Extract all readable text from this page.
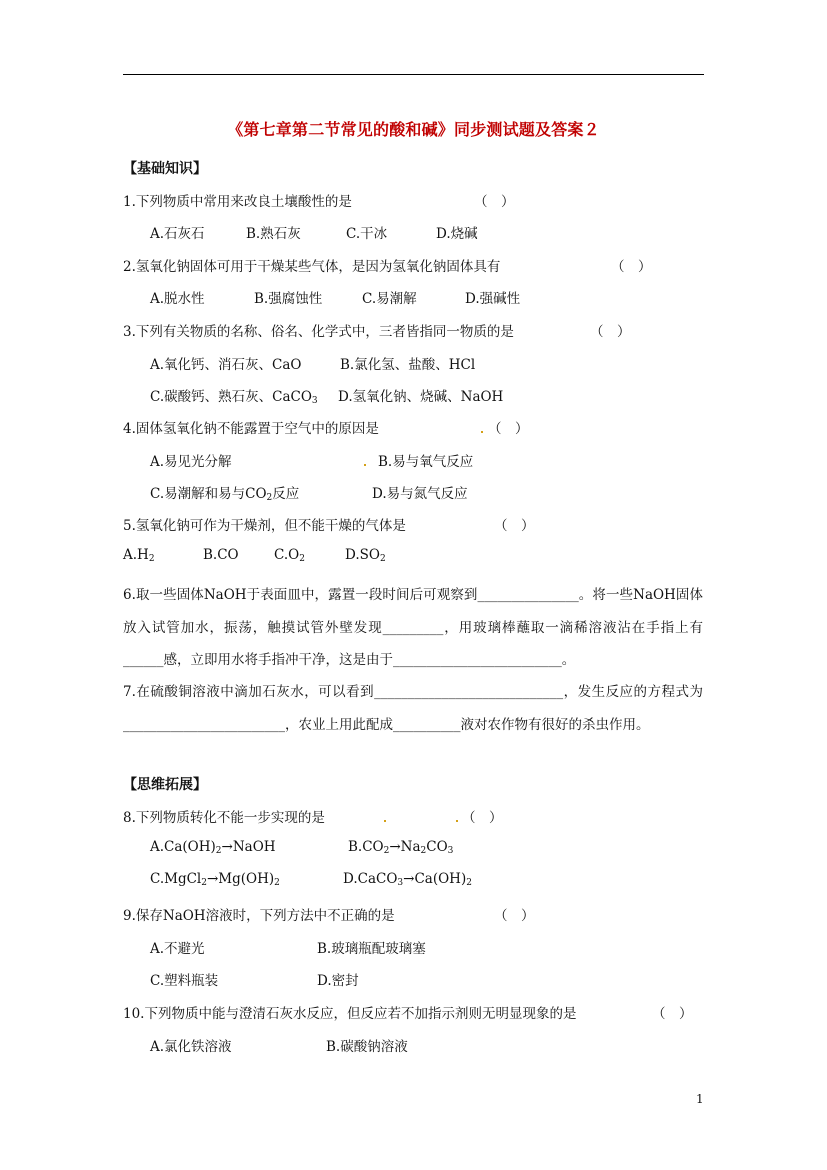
《第七章第二节常见的酸和碱》同步测试题及答案２
【基础知识】
1.下列物质中常用来改良土壤酸性的是	（　）
A.石灰石	B.熟石灰	C.干冰	D.烧碱
2.氢氧化钠固体可用于干燥某些气体，是因为氢氧化钠固体具有	（　）
A.脱水性	B.强腐蚀性	C.易潮解	D.强碱性
3.下列有关物质的名称、俗名、化学式中，三者皆指同一物质的是	（　）
A.氧化钙、消石灰、CaO	B.氯化氢、盐酸、HCl
C.碳酸钙、熟石灰、CaCO$_3$ D.氢氧化钠、烧碱、NaOH
4.固体氢氧化钠不能露置于空气中的原因是	（　）
A.易见光分解	B.易与氧气反应
C.易潮解和易与$CO_2$反应	D.易与氮气反应
5.氢氧化钠可作为干燥剂，但不能干燥的气体是	（　）
$A.H_2$	B.CO	$C.O_2$	$D.SO_2$
6.取一些固体NaOH于表面皿中，露置一段时间后可观察到_______________。将一些NaOH固体放入试管加水，振荡，触摸试管外壁发现_________，用玻璃棒蘸取一滴稀溶液沾在手指上有______感，立即用水将手指冲干净，这是由于_________________________。
7.在硫酸铜溶液中滴加石灰水，可以看到____________________________，发生反应的方程式为________________________，农业上用此配成__________液对农作物有很好的杀虫作用。
【思维拓展】
8.下列物质转化不能一步实现的是	（　）
$A.Ca(OH)_2\to NaOH$	$B.CO_2\to Na_2CO_3$
$C.MgCl_2\to Mg(OH)_2$	$D.CaCO_3\to Ca(OH)_2$
9.保存NaOH溶液时，下列方法中不正确的是	（　）
A.不避光	B.玻璃瓶配玻璃塞
C.塑料瓶装	D.密封
10.下列物质中能与澄清石灰水反应，但反应若不加指示剂则无明显现象的是	（　）
A.氯化铁溶液	B.碳酸钠溶液
1
